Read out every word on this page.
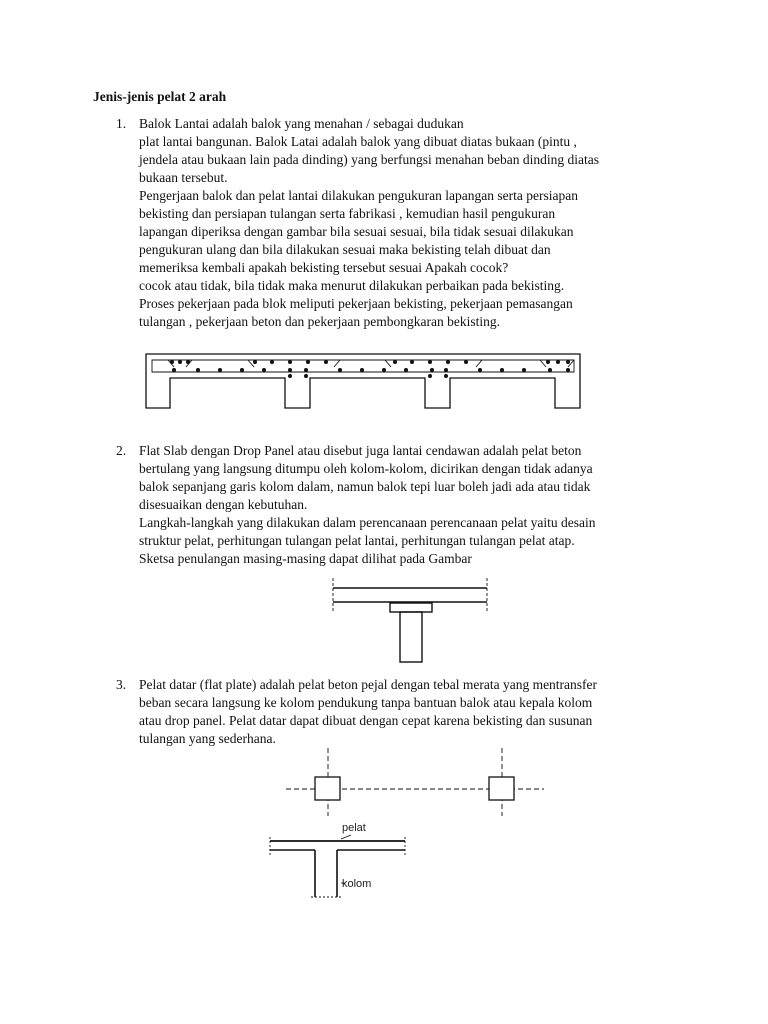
Jenis-jenis pelat 2 arah
1. Balok Lantai adalah balok yang menahan / sebagai dudukan
plat lantai bangunan. Balok Latai adalah balok yang dibuat diatas bukaan (pintu ,
jendela atau bukaan lain pada dinding) yang berfungsi menahan beban dinding diatas
bukaan tersebut.
Pengerjaan balok dan pelat lantai dilakukan pengukuran lapangan serta persiapan
bekisting dan persiapan tulangan serta fabrikasi , kemudian hasil pengukuran
lapangan diperiksa dengan gambar bila sesuai sesuai, bila tidak sesuai dilakukan
pengukuran ulang dan bila dilakukan sesuai maka bekisting telah dibuat dan
memeriksa kembali apakah bekisting tersebut sesuai Apakah cocok?
cocok atau tidak, bila tidak maka menurut dilakukan perbaikan pada bekisting.
Proses pekerjaan pada blok meliputi pekerjaan bekisting, pekerjaan pemasangan
tulangan , pekerjaan beton dan pekerjaan pembongkaran bekisting.
2. Flat Slab dengan Drop Panel atau disebut juga lantai cendawan adalah pelat beton
bertulang yang langsung ditumpu oleh kolom-kolom, dicirikan dengan tidak adanya
balok sepanjang garis kolom dalam, namun balok tepi luar boleh jadi ada atau tidak
disesuaikan dengan kebutuhan.
Langkah-langkah yang dilakukan dalam perencanaan perencanaan pelat yaitu desain
struktur pelat, perhitungan tulangan pelat lantai, perhitungan tulangan pelat atap.
Sketsa penulangan masing-masing dapat dilihat pada Gambar
3. Pelat datar (flat plate) adalah pelat beton pejal dengan tebal merata yang mentransfer
beban secara langsung ke kolom pendukung tanpa bantuan balok atau kepala kolom
atau drop panel. Pelat datar dapat dibuat dengan cepat karena bekisting dan susunan
tulangan yang sederhana.
pelat
kolom
